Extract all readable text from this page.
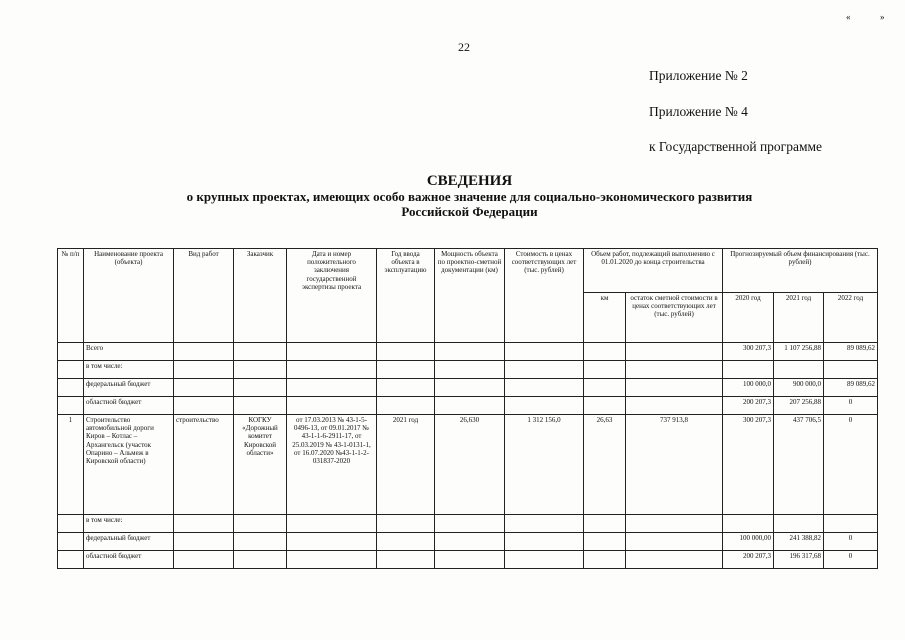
«	»
22
Приложение № 2
Приложение № 4
к Государственной программе
СВЕДЕНИЯ
о крупных проектах, имеющих особо важное значение для социально-экономического развития
Российской Федерации
№ п/п	Наименование проекта (объекта)	Вид работ	Заказчик	Дата и номер положительного заключения государственной экспертизы проекта	Год ввода объекта в эксплуатацию	Мощность объекта по проектно-сметной документации (км)	Стоимость в ценах соответствующих лет (тыс. рублей)	Объем работ, подлежащий выполнению с 01.01.2020 до конца строительства		Прогнозируемый объем финансирования (тыс. рублей)		
								км	остаток сметной стоимости в ценах соответствующих лет (тыс. рублей)	2020 год	2021 год	2022 год
	Всего									300 207,3	1 107 256,88	89 089,62
	в том числе:											
	федеральный бюджет									100 000,0	900 000,0	89 089,62
	областной бюджет									200 207,3	207 256,88	0
1	Строительство автомобильной дороги Киров – Котлас – Архангельск (участок Опарино – Альмеж в Кировской области)	строительство	КОГКУ «Дорожный комитет Кировской области»	от 17.03.2013 № 43-1-5-0496-13, от 09.01.2017 № 43-1-1-6-2911-17, от 25.03.2019 № 43-1-0131-1, от 16.07.2020 №43-1-1-2-031837-2020	2021 год	26,630	1 312 156,0	26,63	737 913,8	300 207,3	437 706,5	0
	в том числе:											
	федеральный бюджет									100 000,00	241 388,82	0
	областной бюджет									200 207,3	196 317,68	0
